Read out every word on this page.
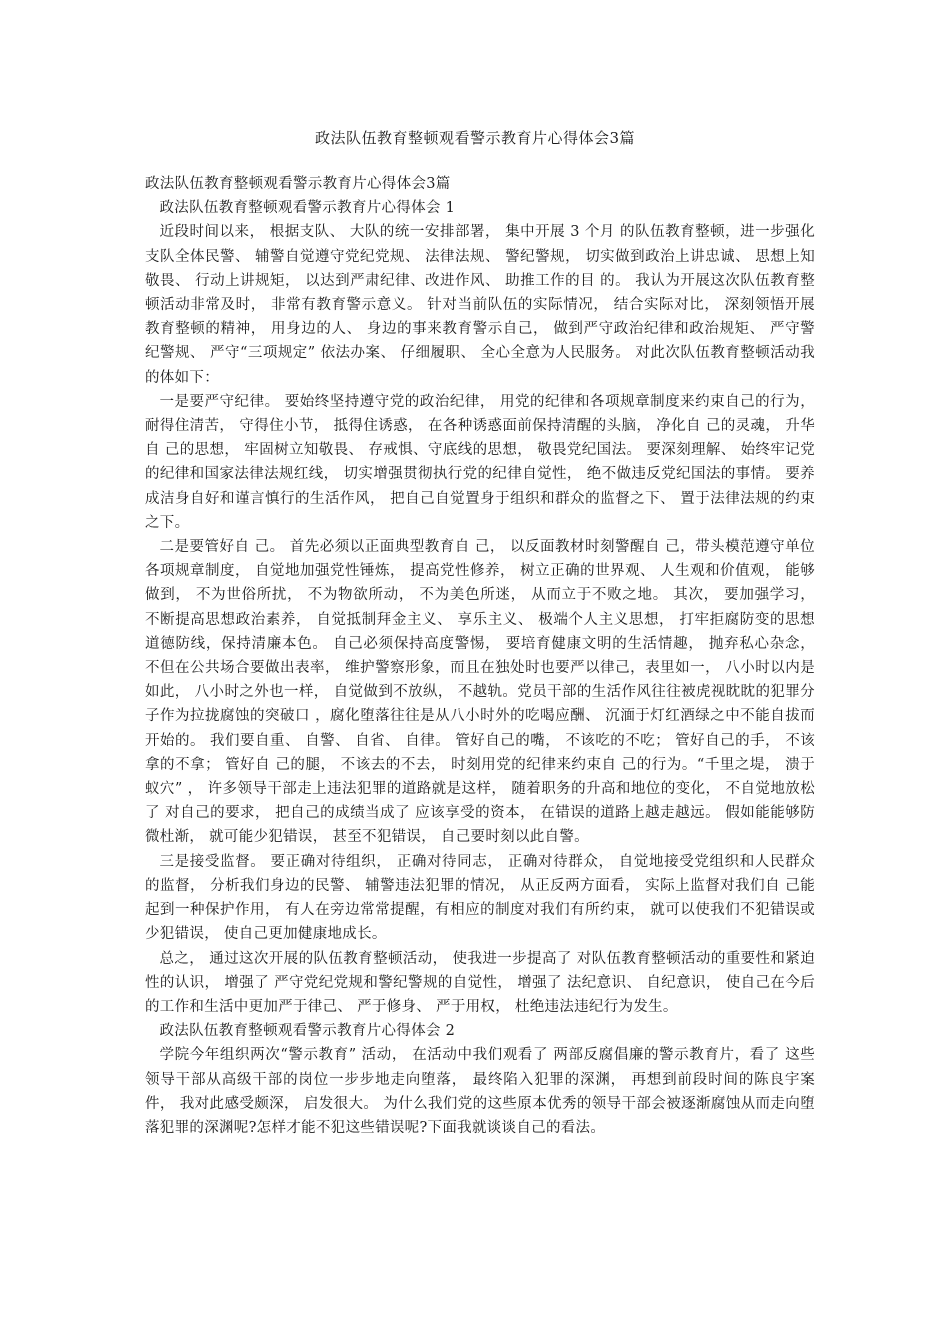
政法队伍教育整顿观看警示教育片心得体会3篇

政法队伍教育整顿观看警示教育片心得体会3篇

政法队伍教育整顿观看警示教育片心得体会 1

近段时间以来， 根据支队、 大队的统一安排部署， 集中开展 3 个月 的队伍教育整顿，进一步强化支队全体民警、 辅警自觉遵守党纪党规、 法律法规、 警纪警规， 切实做到政治上讲忠诚、 思想上知敬畏、 行动上讲规矩， 以达到严肃纪律、改进作风、 助推工作的目 的。 我认为开展这次队伍教育整顿活动非常及时， 非常有教育警示意义。 针对当前队伍的实际情况， 结合实际对比， 深刻领悟开展教育整顿的精神， 用身边的人、 身边的事来教育警示自己， 做到严守政治纪律和政治规矩、 严守警纪警规、 严守“三项规定” 依法办案、 仔细履职、 全心全意为人民服务。 对此次队伍教育整顿活动我的体如下：

一是要严守纪律。 要始终坚持遵守党的政治纪律， 用党的纪律和各项规章制度来约束自己的行为， 耐得住清苦， 守得住小节， 抵得住诱惑， 在各种诱惑面前保持清醒的头脑， 净化自 己的灵魂， 升华自 己的思想， 牢固树立知敬畏、 存戒惧、守底线的思想， 敬畏党纪国法。 要深刻理解、 始终牢记党的纪律和国家法律法规红线， 切实增强贯彻执行党的纪律自觉性， 绝不做违反党纪国法的事情。 要养成洁身自好和谨言慎行的生活作风， 把自己自觉置身于组织和群众的监督之下、 置于法律法规的约束之下。

二是要管好自 己。 首先必须以正面典型教育自 己， 以反面教材时刻警醒自 己，带头模范遵守单位各项规章制度， 自觉地加强党性锤炼， 提高党性修养， 树立正确的世界观、 人生观和价值观， 能够做到， 不为世俗所扰， 不为物欲所动， 不为美色所迷， 从而立于不败之地。 其次， 要加强学习， 不断提高思想政治素养， 自觉抵制拜金主义、 享乐主义、 极端个人主义思想， 打牢拒腐防变的思想道德防线，保持清廉本色。 自己必须保持高度警惕， 要培育健康文明的生活情趣， 抛弃私心杂念， 不但在公共场合要做出表率， 维护警察形象，而且在独处时也要严以律己，表里如一， 八小时以内是如此， 八小时之外也一样， 自觉做到不放纵， 不越轨。党员干部的生活作风往往被虎视眈眈的犯罪分子作为拉拢腐蚀的突破口 ，腐化堕落往往是从八小时外的吃喝应酬、 沉湎于灯红酒绿之中不能自拔而开始的。 我们要自重、 自警、 自省、 自律。 管好自己的嘴， 不该吃的不吃； 管好自己的手， 不该拿的不拿； 管好自 己的腿， 不该去的不去， 时刻用党的纪律来约束自 己的行为。“千里之堤， 溃于蚁穴” ， 许多领导干部走上违法犯罪的道路就是这样， 随着职务的升高和地位的变化， 不自觉地放松了 对自己的要求， 把自己的成绩当成了 应该享受的资本， 在错误的道路上越走越远。 假如能能够防微杜渐， 就可能少犯错误， 甚至不犯错误， 自己要时刻以此自警。

三是接受监督。 要正确对待组织， 正确对待同志， 正确对待群众， 自觉地接受党组织和人民群众的监督， 分析我们身边的民警、 辅警违法犯罪的情况， 从正反两方面看， 实际上监督对我们自 己能起到一种保护作用， 有人在旁边常常提醒，有相应的制度对我们有所约束， 就可以使我们不犯错误或少犯错误， 使自己更加健康地成长。

总之， 通过这次开展的队伍教育整顿活动， 使我进一步提高了 对队伍教育整顿活动的重要性和紧迫性的认识， 增强了 严守党纪党规和警纪警规的自觉性， 增强了 法纪意识、 自纪意识， 使自己在今后的工作和生活中更加严于律己、 严于修身、 严于用权， 杜绝违法违纪行为发生。

政法队伍教育整顿观看警示教育片心得体会 2

学院今年组织两次“警示教育” 活动， 在活动中我们观看了 两部反腐倡廉的警示教育片，看了 这些领导干部从高级干部的岗位一步步地走向堕落， 最终陷入犯罪的深渊， 再想到前段时间的陈良宇案件， 我对此感受颇深， 启发很大。 为什么我们党的这些原本优秀的领导干部会被逐渐腐蚀从而走向堕落犯罪的深渊呢?怎样才能不犯这些错误呢?下面我就谈谈自己的看法。
